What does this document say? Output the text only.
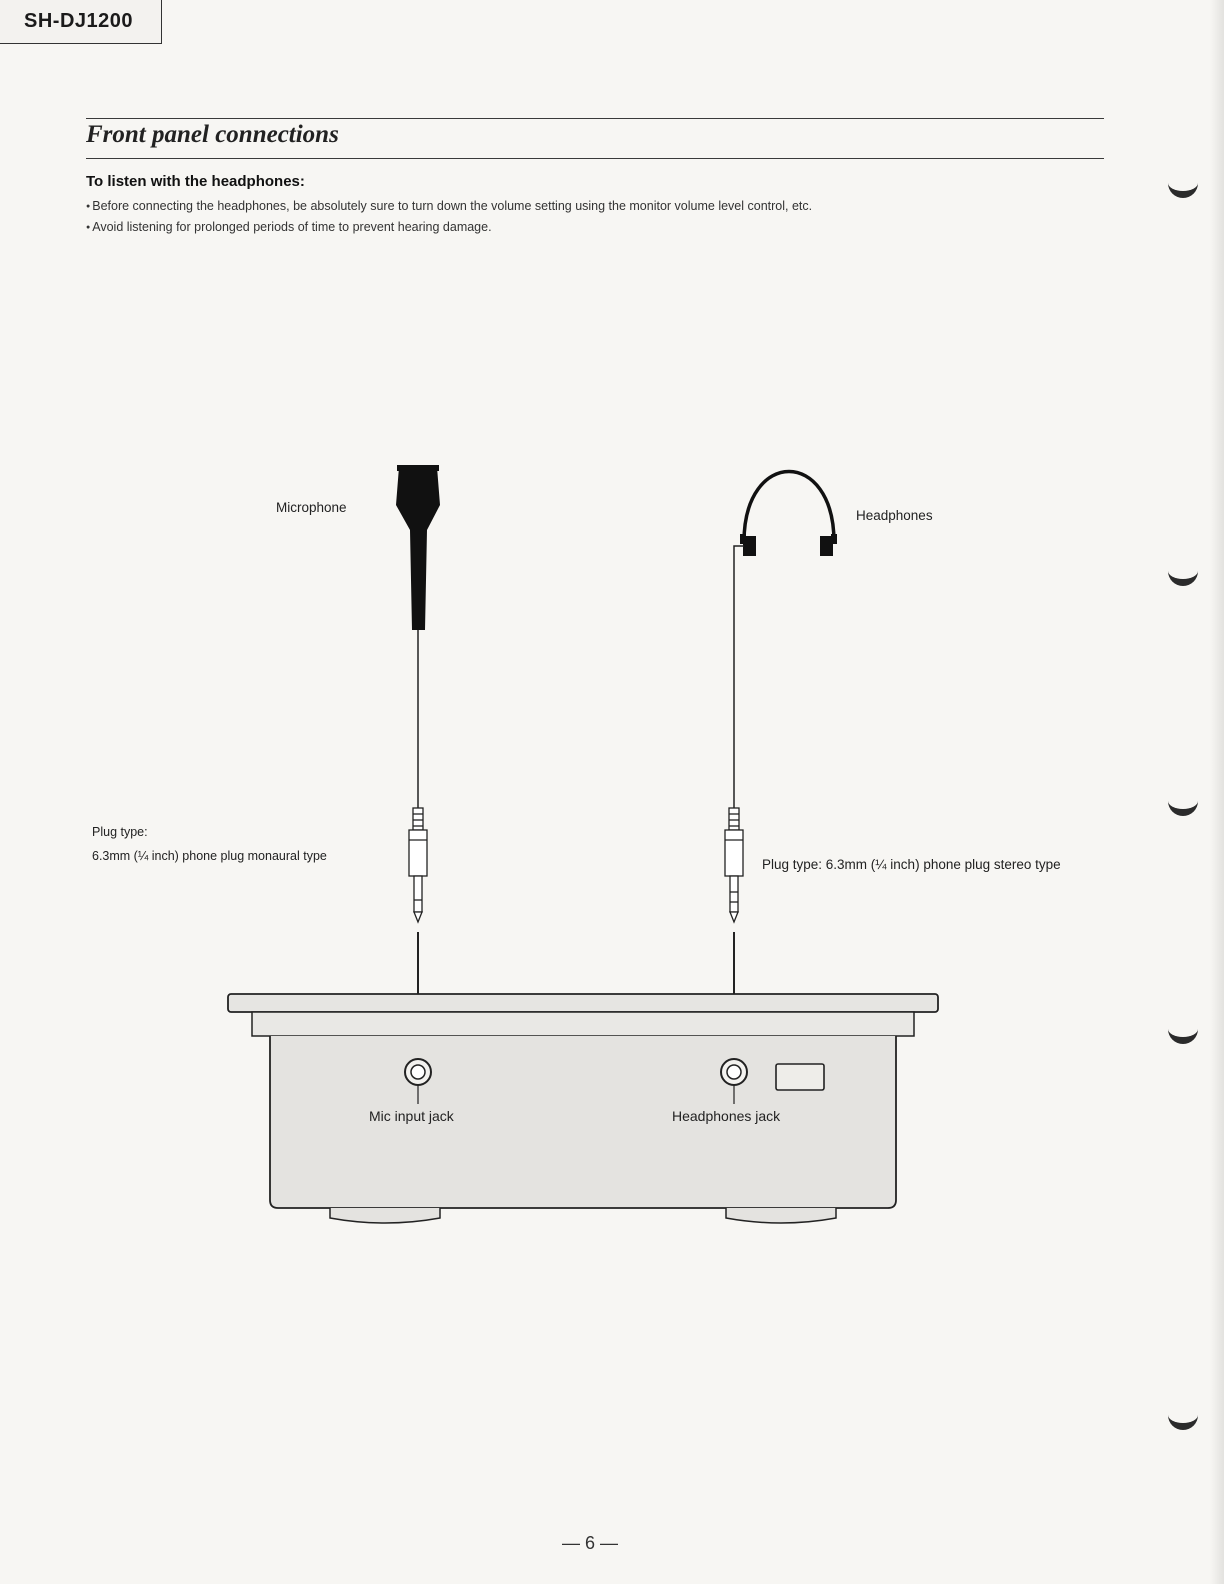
SH-DJ1200
Front panel connections
To listen with the headphones:
● Before connecting the headphones, be absolutely sure to turn down the volume setting using the monitor volume level control, etc.
● Avoid listening for prolonged periods of time to prevent hearing damage.
Microphone
Headphones
Plug type:
6.3mm (¼ inch) phone plug monaural type
Plug type: 6.3mm (¼ inch) phone plug stereo type
Mic input jack	Headphones jack
— 6 —
